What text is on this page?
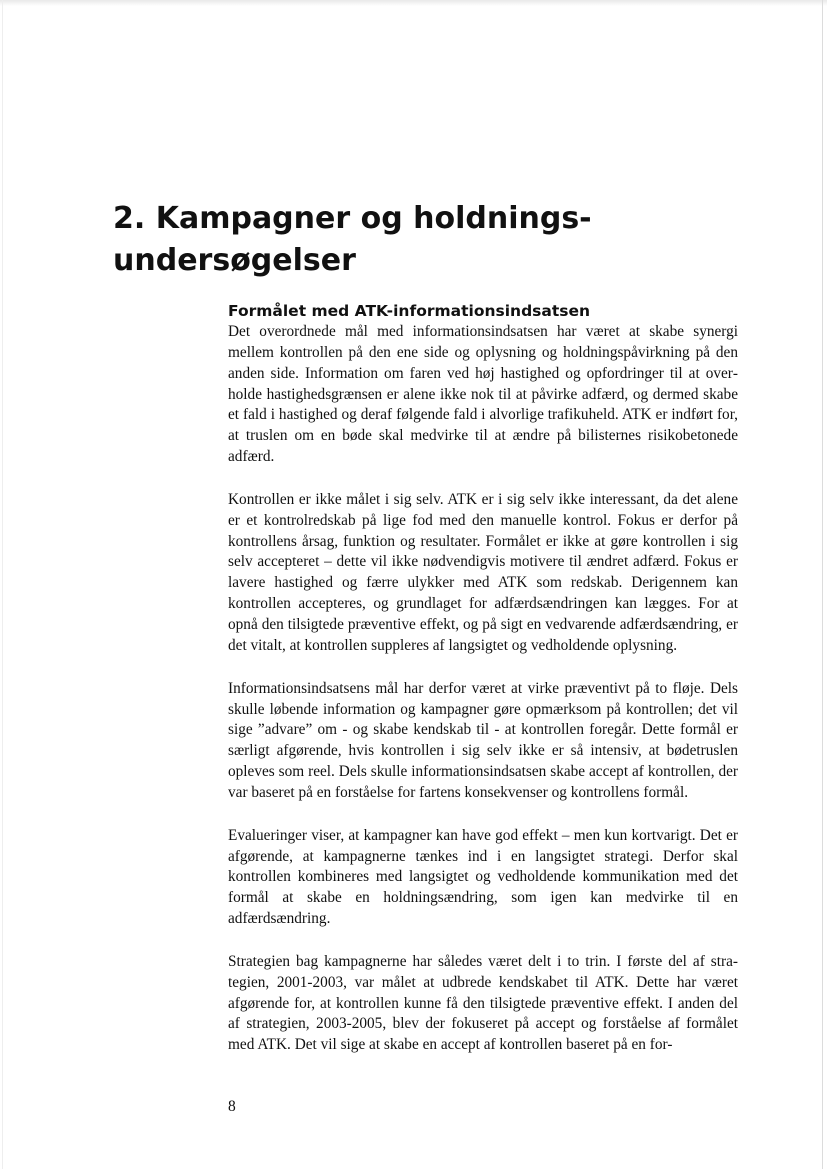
2. Kampagner og holdnings-
undersøgelser
Formålet med ATK-informationsindsatsen

Det overordnede mål med informationsindsatsen har været at skabe synergi mellem kontrollen på den ene side og oplysning og holdningspåvirkning på den anden side. Information om faren ved høj hastighed og opfordringer til at overholde hastighedsgrænsen er alene ikke nok til at påvirke adfærd, og dermed skabe et fald i hastighed og deraf følgende fald i alvorlige trafikuheld. ATK er indført for, at truslen om en bøde skal medvirke til at ændre på bilisternes risikobetonede adfærd.

Kontrollen er ikke målet i sig selv. ATK er i sig selv ikke interessant, da det alene er et kontrolredskab på lige fod med den manuelle kontrol. Fokus er derfor på kontrollens årsag, funktion og resultater. Formålet er ikke at gøre kontrollen i sig selv accepteret – dette vil ikke nødvendigvis motivere til ændret adfærd. Fokus er lavere hastighed og færre ulykker med ATK som redskab. Derigennem kan kontrollen accepteres, og grundlaget for adfærdsændringen kan lægges. For at opnå den tilsigtede præventive effekt, og på sigt en vedvarende adfærdsændring, er det vitalt, at kontrollen suppleres af langsigtet og vedholdende oplysning.

Informationsindsatsens mål har derfor været at virke præventivt på to fløje. Dels skulle løbende information og kampagner gøre opmærksom på kontrollen; det vil sige ”advare” om - og skabe kendskab til - at kontrollen foregår. Dette formål er særligt afgørende, hvis kontrollen i sig selv ikke er så intensiv, at bødetruslen opleves som reel. Dels skulle informationsindsatsen skabe accept af kontrollen, der var baseret på en forståelse for fartens konsekvenser og kontrollens formål.

Evalueringer viser, at kampagner kan have god effekt – men kun kortvarigt. Det er afgørende, at kampagnerne tænkes ind i en langsigtet strategi. Derfor skal kontrollen kombineres med langsigtet og vedholdende kommunikation med det formål at skabe en holdningsændring, som igen kan medvirke til en adfærdsændring.

Strategien bag kampagnerne har således været delt i to trin. I første del af strategien, 2001-2003, var målet at udbrede kendskabet til ATK. Dette har været afgørende for, at kontrollen kunne få den tilsigtede præventive effekt. I anden del af strategien, 2003-2005, blev der fokuseret på accept og forståelse af formålet med ATK. Det vil sige at skabe en accept af kontrollen baseret på en for-

8
